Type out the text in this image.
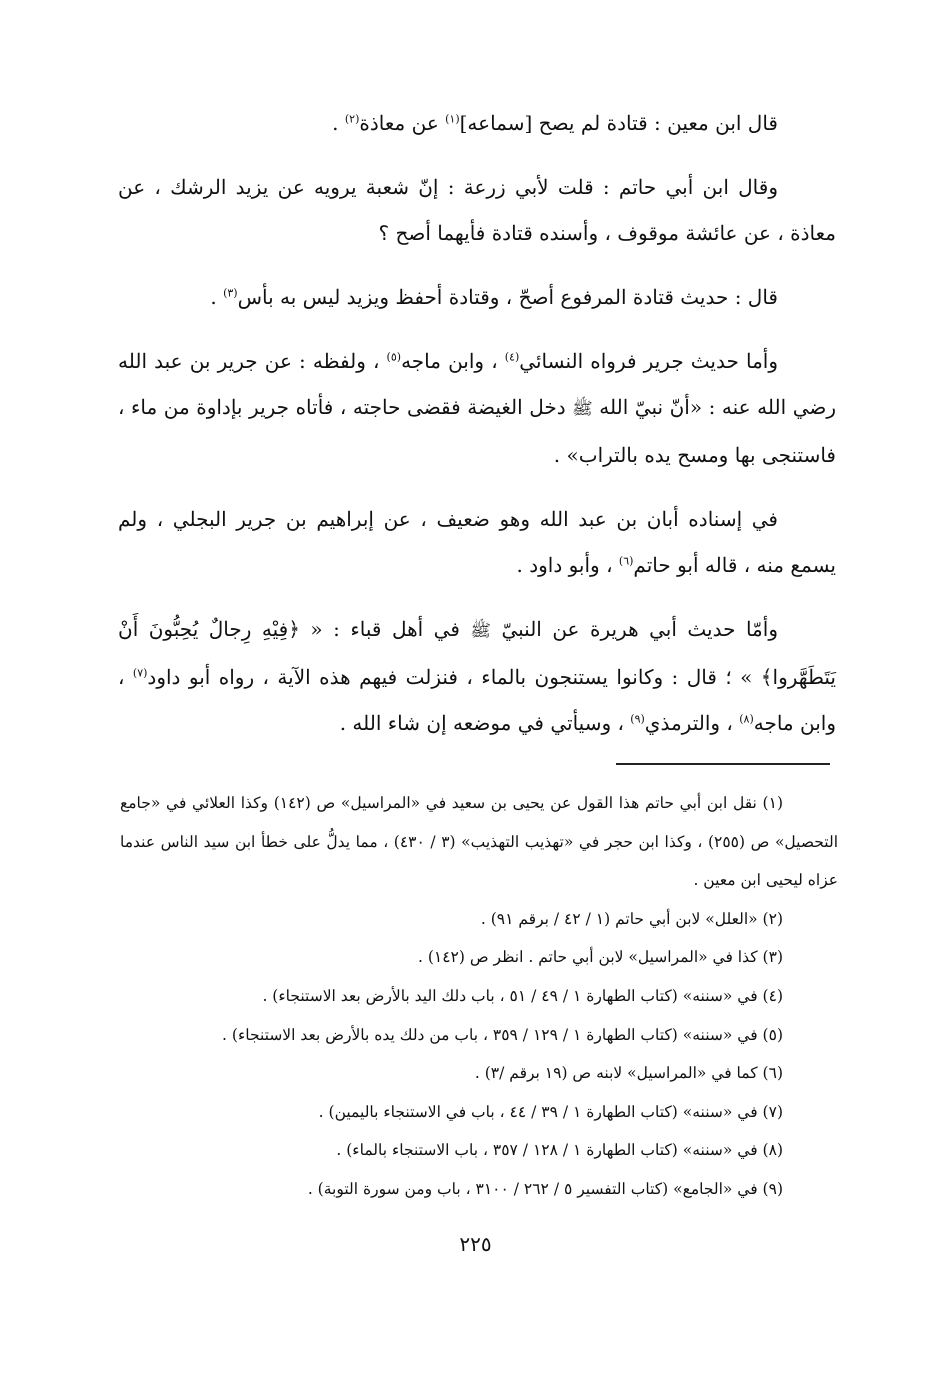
قال ابن معين : قتادة لم يصح [سماعه]$^{(١)}$ عن معاذة$^{(٢)}$ .

وقال ابن أبي حاتم : قلت لأبي زرعة : إنّ شعبة يرويه عن يزيد الرشك ، عن معاذة ، عن عائشة موقوف ، وأسنده قتادة فأيهما أصح ؟

قال : حديث قتادة المرفوع أصحّ ، وقتادة أحفظ ويزيد ليس به بأس$^{(٣)}$ .

وأما حديث جرير فرواه النسائي$^{(٤)}$ ، وابن ماجه$^{(٥)}$ ، ولفظه : عن جرير بن عبد الله رضي الله عنه : «أنّ نبيّ الله ﷺ دخل الغيضة فقضى حاجته ، فأتاه جرير بإداوة من ماء ، فاستنجى بها ومسح يده بالتراب» .

في إسناده أبان بن عبد الله وهو ضعيف ، عن إبراهيم بن جرير البجلي ، ولم يسمع منه ، قاله أبو حاتم$^{(٦)}$ ، وأبو داود .

وأمّا حديث أبي هريرة عن النبيّ ﷺ في أهل قباء : « ﴿فِيْهِ رِجالٌ يُحِبُّونَ أَنْ يَتَطَهَّروا﴾ » ؛ قال : وكانوا يستنجون بالماء ، فنزلت فيهم هذه الآية ، رواه أبو داود$^{(٧)}$ ، وابن ماجه$^{(٨)}$ ، والترمذي$^{(٩)}$ ، وسيأتي في موضعه إن شاء الله .

(١) نقل ابن أبي حاتم هذا القول عن يحيى بن سعيد في «المراسيل» ص (١٤٢) وكذا العلائي في «جامع التحصيل» ص (٢٥٥) ، وكذا ابن حجر في «تهذيب التهذيب» (٣ / ٤٣٠) ، مما يدلُّ على خطأ ابن سيد الناس عندما عزاه ليحيى ابن معين .

(٢) «العلل» لابن أبي حاتم (١ / ٤٢ / برقم ٩١) .

(٣) كذا في «المراسيل» لابن أبي حاتم . انظر ص (١٤٢) .

(٤) في «سننه» (كتاب الطهارة ١ / ٤٩ / ٥١ ، باب دلك اليد بالأرض بعد الاستنجاء) .

(٥) في «سننه» (كتاب الطهارة ١ / ١٢٩ / ٣٥٩ ، باب من دلك يده بالأرض بعد الاستنجاء) .

(٦) كما في «المراسيل» لابنه ص (١٩ برقم /٣) .

(٧) في «سننه» (كتاب الطهارة ١ / ٣٩ / ٤٤ ، باب في الاستنجاء باليمين) .

(٨) في «سننه» (كتاب الطهارة ١ / ١٢٨ / ٣٥٧ ، باب الاستنجاء بالماء) .

(٩) في «الجامع» (كتاب التفسير ٥ / ٢٦٢ / ٣١٠٠ ، باب ومن سورة التوبة) .

٢٢٥
